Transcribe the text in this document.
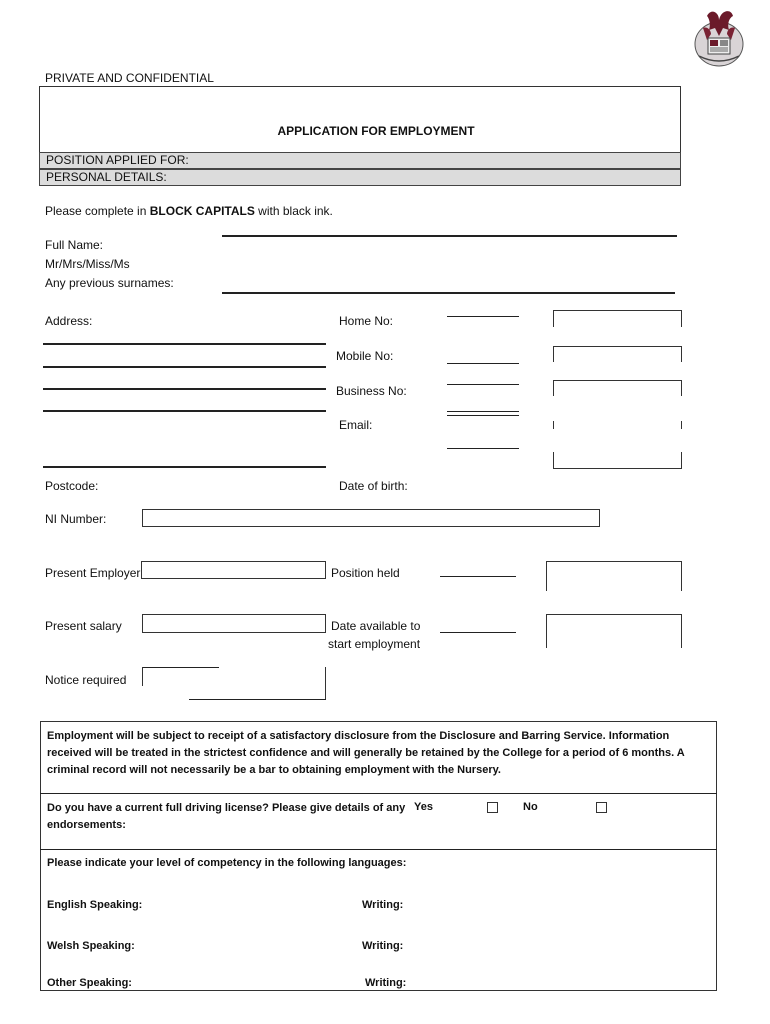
PRIVATE AND CONFIDENTIAL
APPLICATION FOR EMPLOYMENT
POSITION APPLIED FOR:
PERSONAL DETAILS:
Please complete in BLOCK CAPITALS with black ink.
Full Name:
Mr/Mrs/Miss/Ms
Any previous surnames:
Address:	Home No:
Mobile No:
Business No:
Email:
Postcode:	Date of birth:
NI Number:
Present Employer	Position held
Present salary	Date available to
start employment
Notice required
Employment will be subject to receipt of a satisfactory disclosure from the Disclosure and Barring Service. Information received will be treated in the strictest confidence and will generally be retained by the College for a period of 6 months. A criminal record will not necessarily be a bar to obtaining employment with the Nursery.
Do you have a current full driving license? Please give details of any endorsements:
Yes	No
Please indicate your level of competency in the following languages:
English Speaking:	Writing:
Welsh Speaking:	Writing:
Other Speaking:	Writing:
